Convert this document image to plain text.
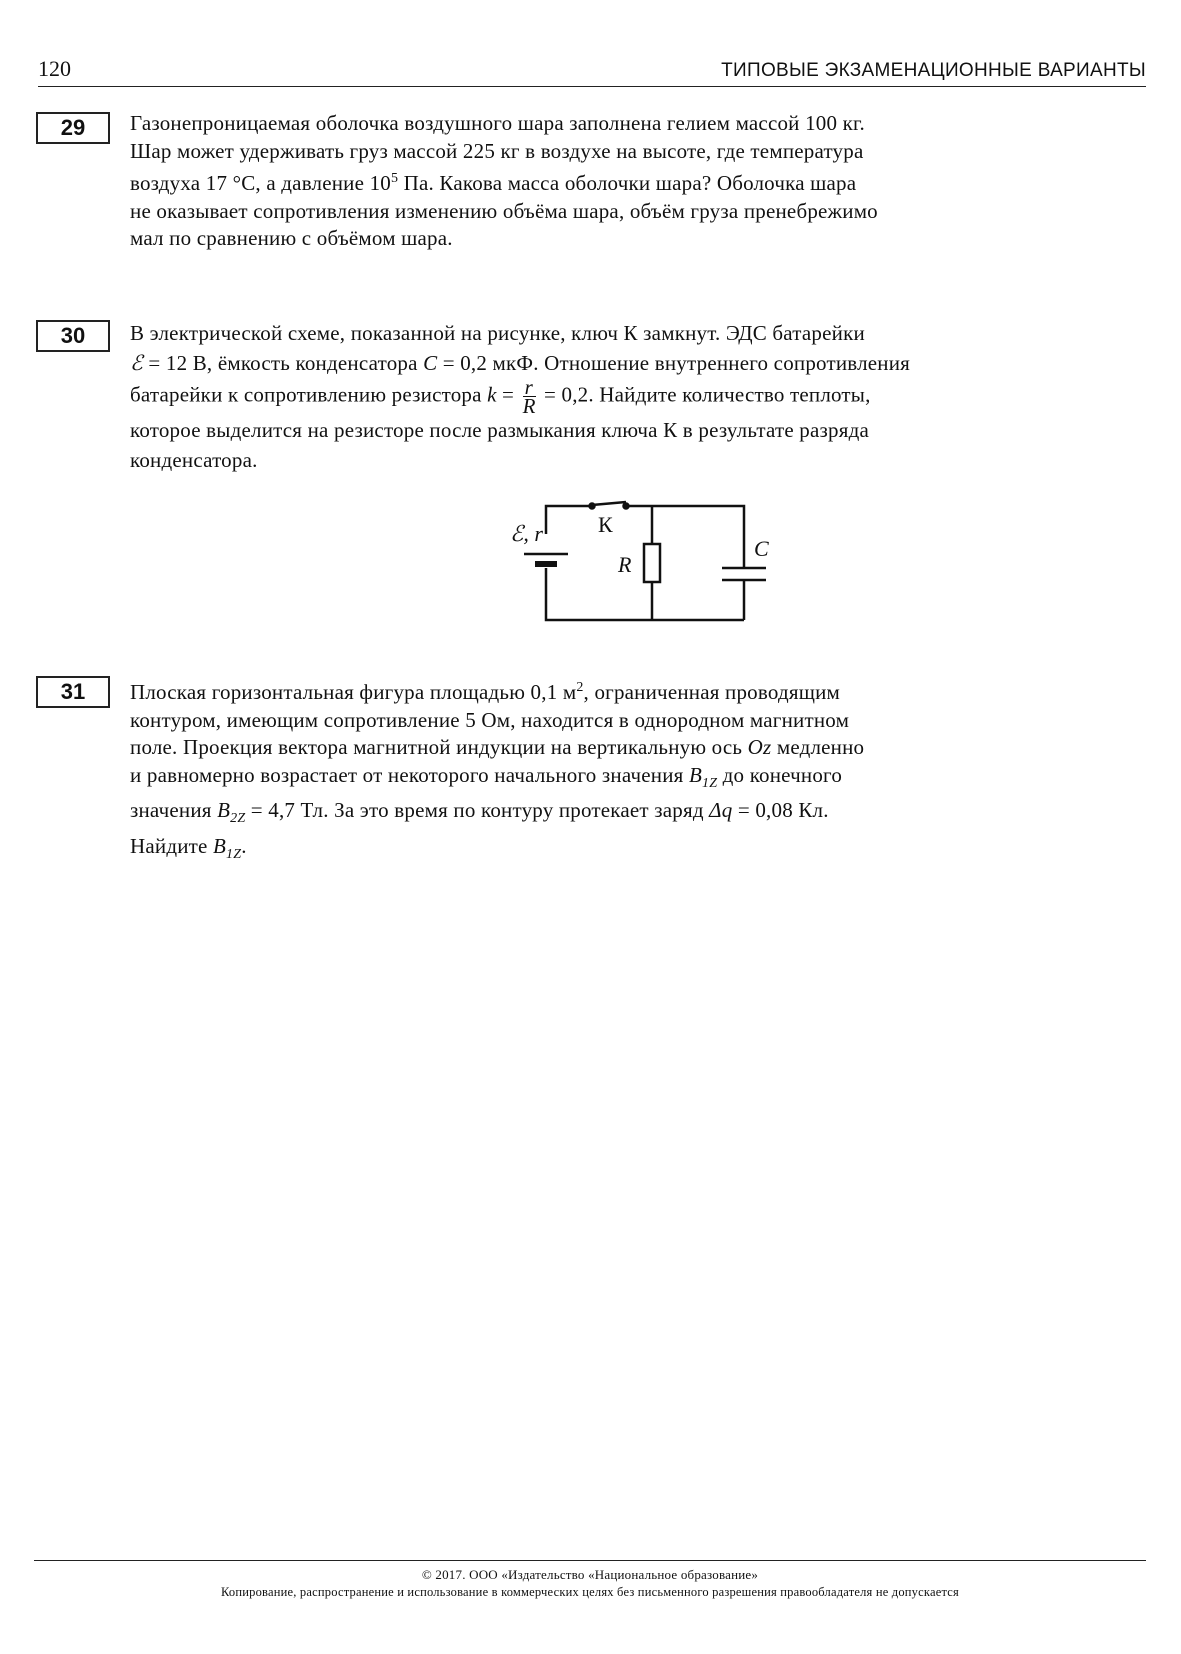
120	ТИПОВЫЕ ЭКЗАМЕНАЦИОННЫЕ ВАРИАНТЫ
29	Газонепроницаемая оболочка воздушного шара заполнена гелием массой 100 кг.
Шар может удерживать груз массой 225 кг в воздухе на высоте, где температура
воздуха 17 °С, а давление $10^5$ Па. Какова масса оболочки шара? Оболочка шара
не оказывает сопротивления изменению объёма шара, объём груза пренебрежимо
мал по сравнению с объёмом шара.
30	В электрической схеме, показанной на рисунке, ключ К замкнут. ЭДС батарейки
ℰ = 12 В, ёмкость конденсатора C = 0,2 мкФ. Отношение внутреннего сопротивления
батарейки к сопротивлению резистора $k = \frac{r}{R} = 0,2$. Найдите количество теплоты,
которое выделится на резисторе после размыкания ключа К в результате разряда
конденсатора.
ℰ, r	К
R
C
31	Плоская горизонтальная фигура площадью 0,1 $м^2$, ограниченная проводящим
контуром, имеющим сопротивление 5 Ом, находится в однородном магнитном
поле. Проекция вектора магнитной индукции на вертикальную ось Oz медленно
и равномерно возрастает от некоторого начального значения $B_{1Z}$ до конечного
значения $B_{2Z} = 4,7$ Тл. За это время по контуру протекает заряд Δq = 0,08 Кл.
Найдите $B_{1Z}$.
© 2017. ООО «Издательство «Национальное образование»
Копирование, распространение и использование в коммерческих целях без письменного разрешения правообладателя не допускается
